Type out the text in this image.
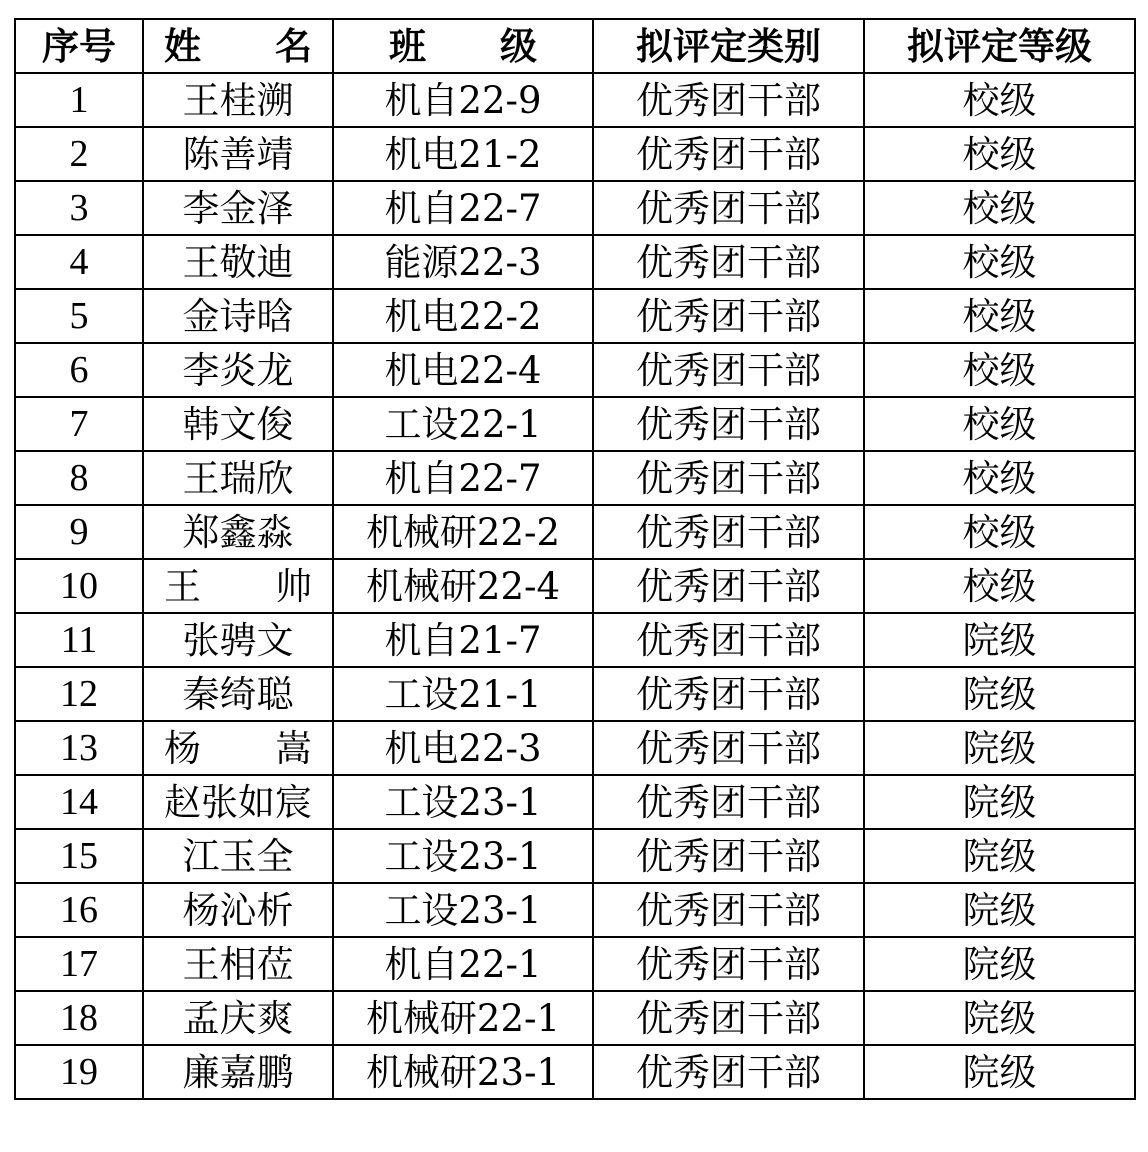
序号	姓　　名	班　　级	拟评定类别	拟评定等级
1	王桂溯	机自22-9	优秀团干部	校级
2	陈善靖	机电21-2	优秀团干部	校级
3	李金泽	机自22-7	优秀团干部	校级
4	王敬迪	能源22-3	优秀团干部	校级
5	金诗晗	机电22-2	优秀团干部	校级
6	李炎龙	机电22-4	优秀团干部	校级
7	韩文俊	工设22-1	优秀团干部	校级
8	王瑞欣	机自22-7	优秀团干部	校级
9	郑鑫淼	机械研22-2	优秀团干部	校级
10	王　　帅	机械研22-4	优秀团干部	校级
11	张骋文	机自21-7	优秀团干部	院级
12	秦绮聪	工设21-1	优秀团干部	院级
13	杨　　嵩	机电22-3	优秀团干部	院级
14	赵张如宸	工设23-1	优秀团干部	院级
15	江玉全	工设23-1	优秀团干部	院级
16	杨沁析	工设23-1	优秀团干部	院级
17	王相莅	机自22-1	优秀团干部	院级
18	孟庆爽	机械研22-1	优秀团干部	院级
19	廉嘉鹏	机械研23-1	优秀团干部	院级
